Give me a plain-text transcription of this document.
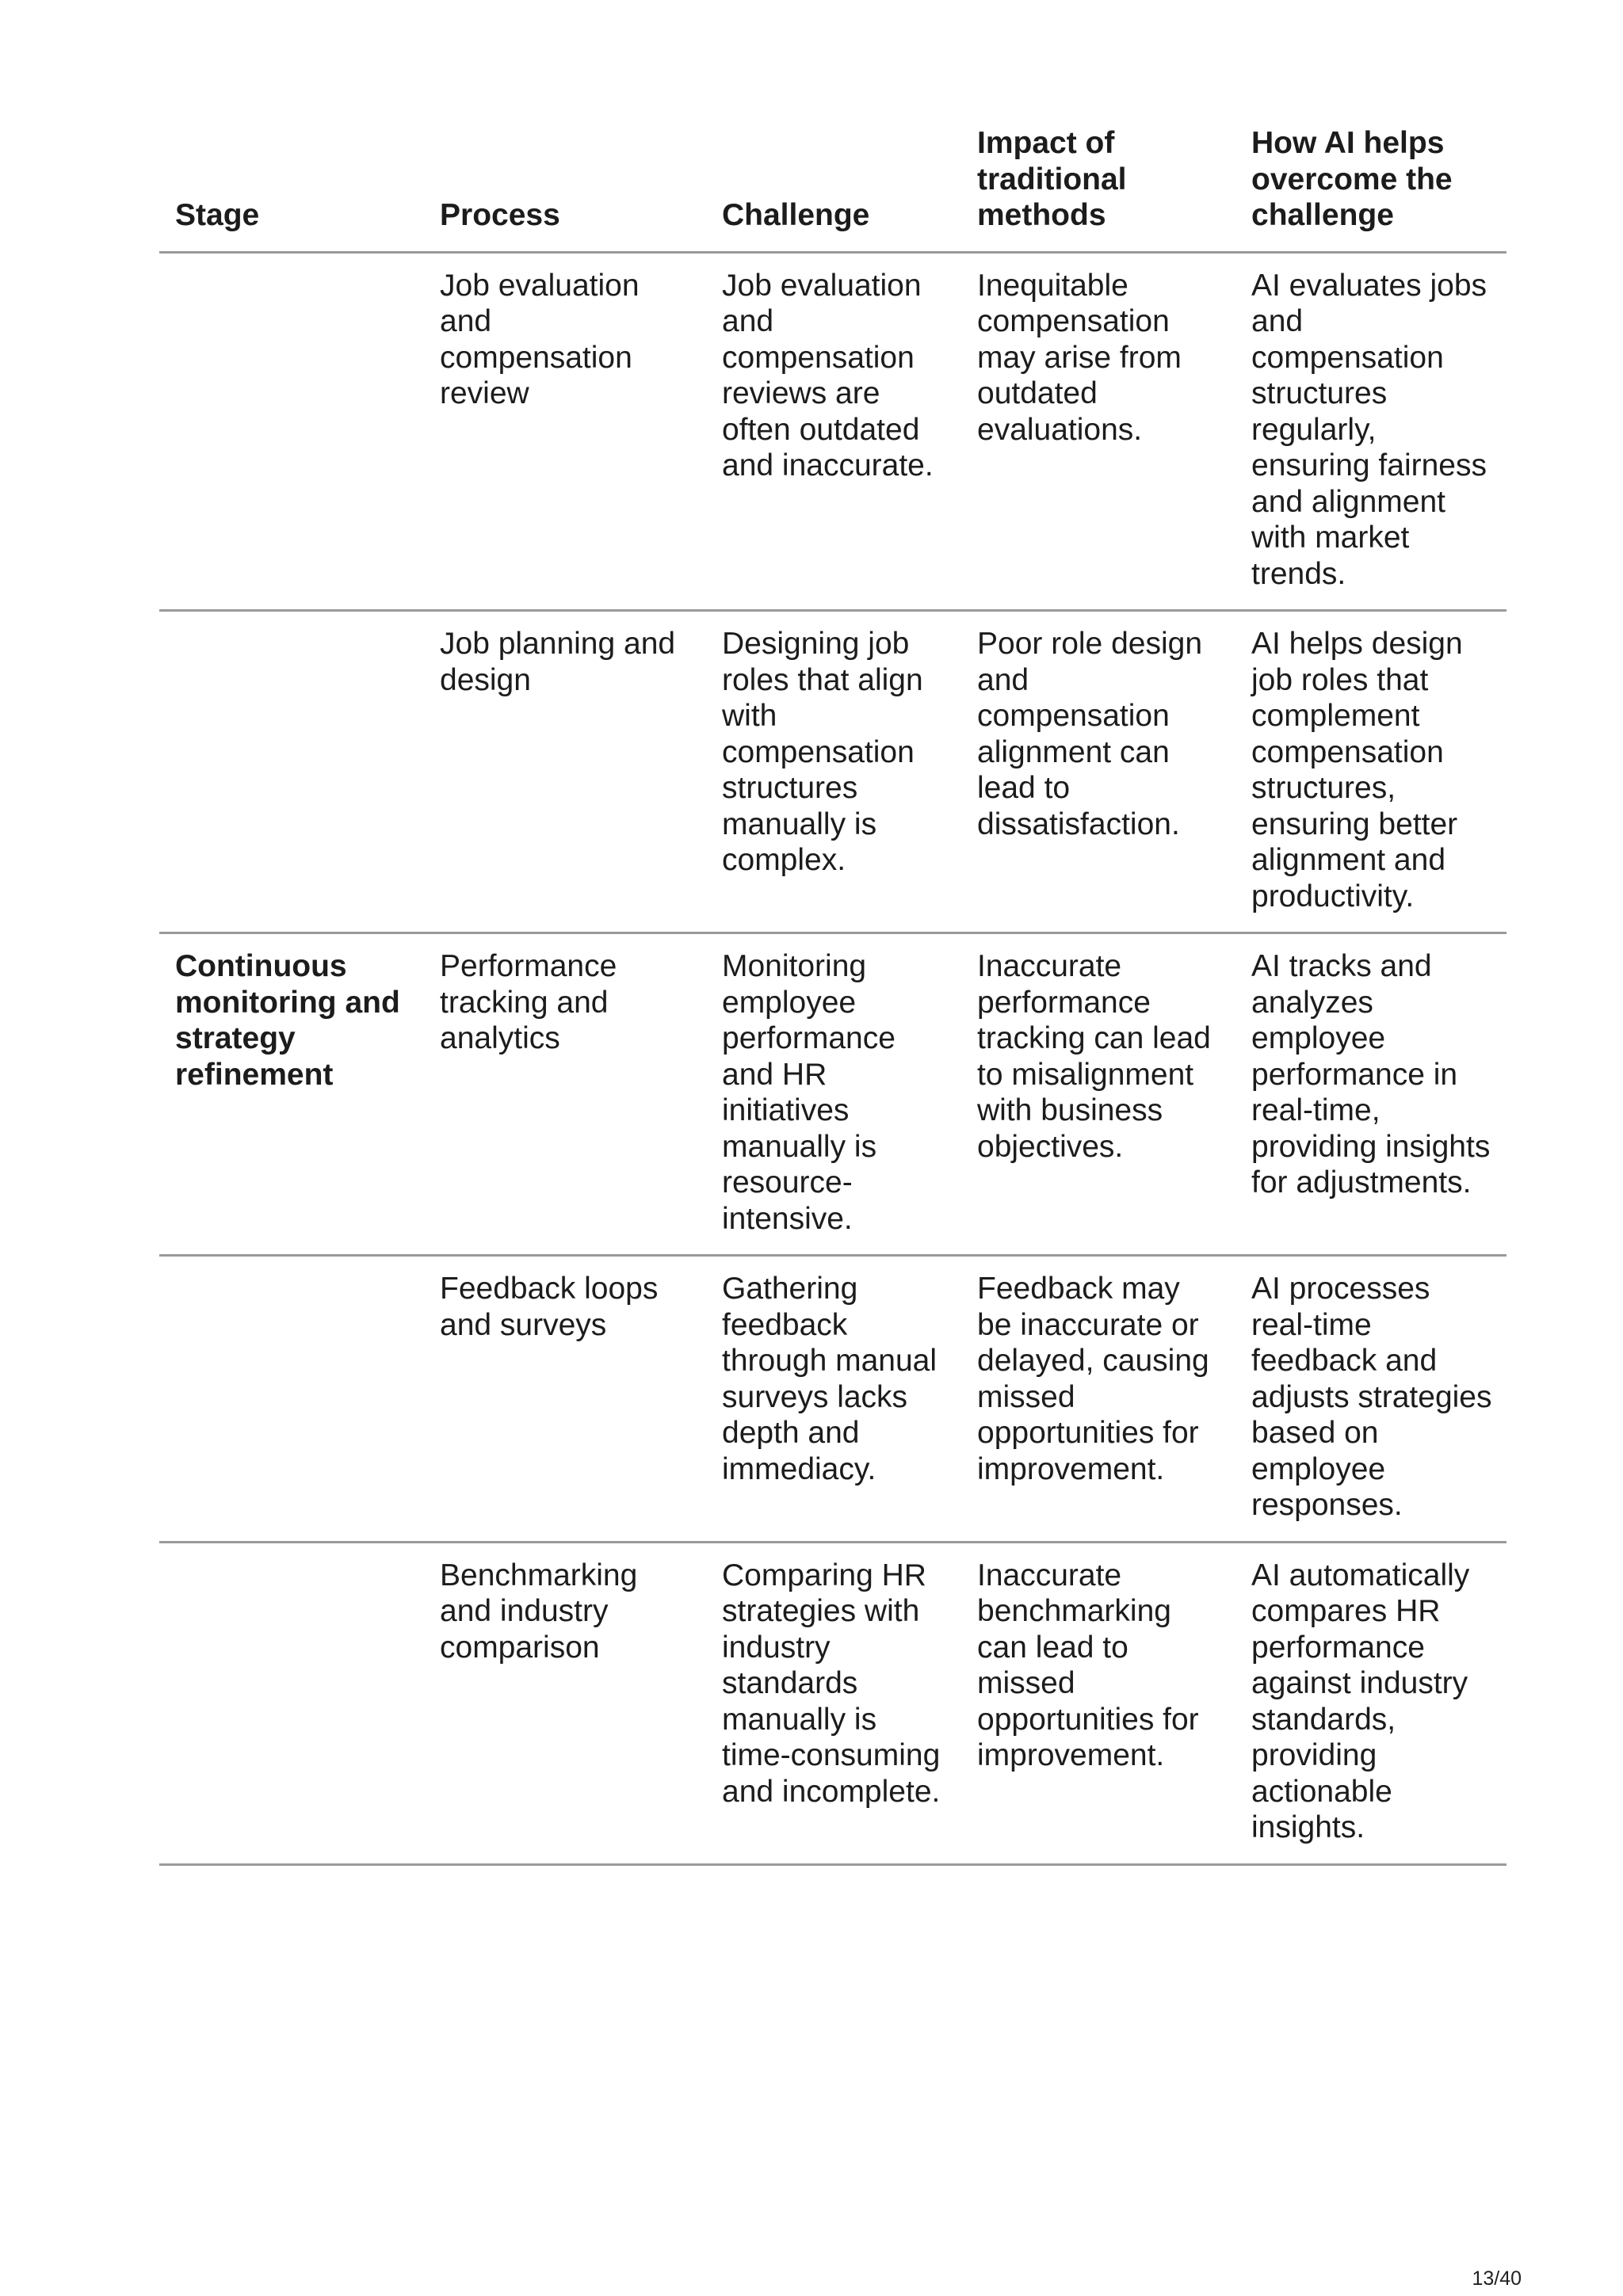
Stage	Process	Challenge	Impact of traditional methods	How AI helps overcome the challenge
	Job evaluation and compensation review	Job evaluation and compensation reviews are often outdated and inaccurate.	Inequitable compensation may arise from outdated evaluations.	AI evaluates jobs and compensation structures regularly, ensuring fairness and alignment with market trends.
	Job planning and design	Designing job roles that align with compensation structures manually is complex.	Poor role design and compensation alignment can lead to dissatisfaction.	AI helps design job roles that complement compensation structures, ensuring better alignment and productivity.
Continuous monitoring and strategy refinement	Performance tracking and analytics	Monitoring employee performance and HR initiatives manually is resource-intensive.	Inaccurate performance tracking can lead to misalignment with business objectives.	AI tracks and analyzes employee performance in real-time, providing insights for adjustments.
	Feedback loops and surveys	Gathering feedback through manual surveys lacks depth and immediacy.	Feedback may be inaccurate or delayed, causing missed opportunities for improvement.	AI processes real-time feedback and adjusts strategies based on employee responses.
	Benchmarking and industry comparison	Comparing HR strategies with industry standards manually is time-consuming and incomplete.	Inaccurate benchmarking can lead to missed opportunities for improvement.	AI automatically compares HR performance against industry standards, providing actionable insights.
13/40
